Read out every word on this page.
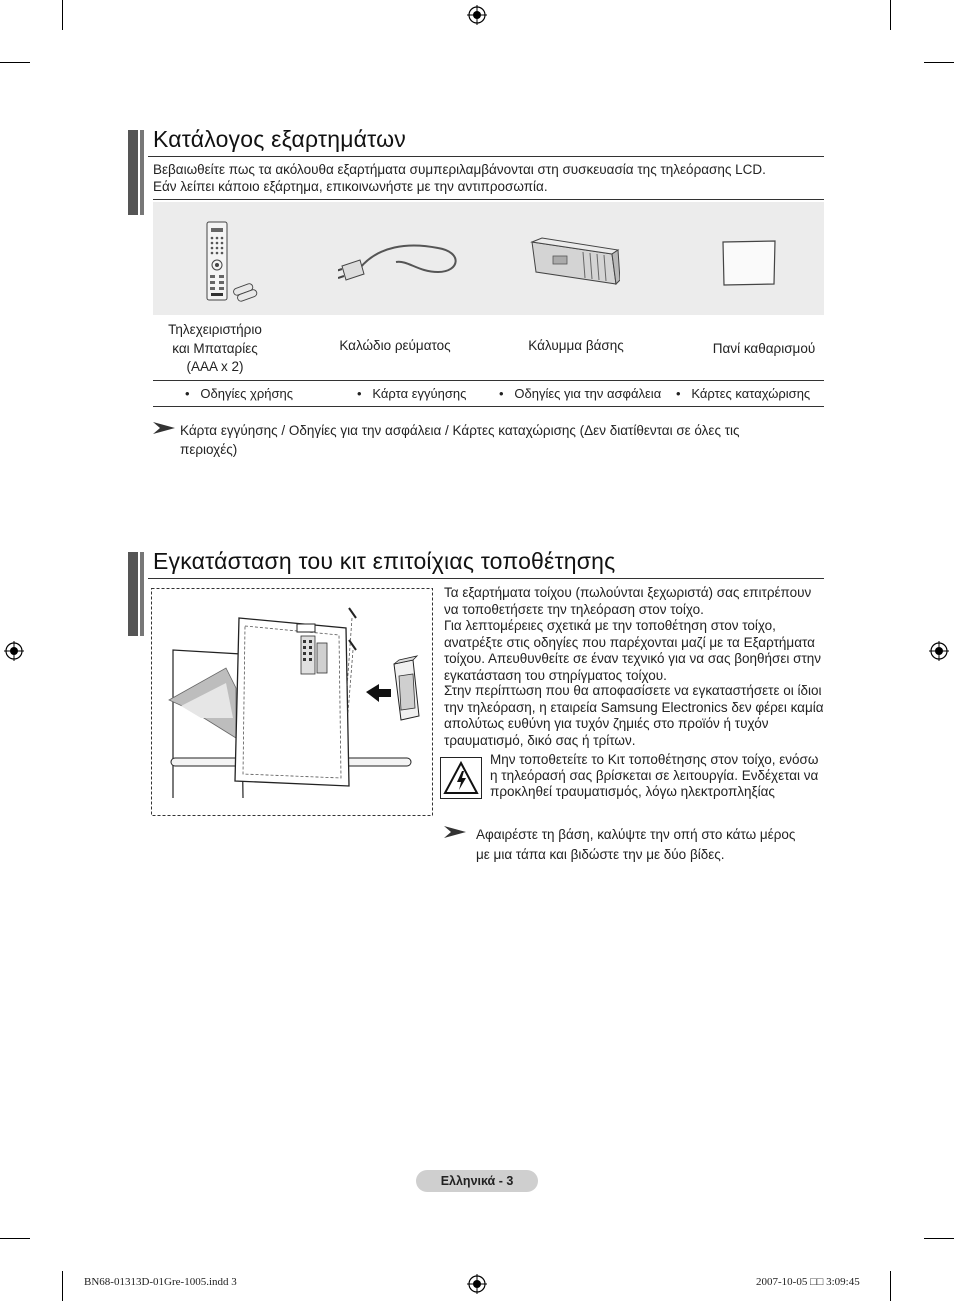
Κατάλογος εξαρτημάτων
Βεβαιωθείτε πως τα ακόλουθα εξαρτήματα συμπεριλαμβάνονται στη συσκευασία της τηλεόρασης LCD.
Εάν λείπει κάποιο εξάρτημα, επικοινωνήστε με την αντιπροσωπία.
Τηλεχειριστήριο
και Μπαταρίες
(AAA x 2)
Καλώδιο ρεύματος	Κάλυμμα βάσης	Πανί καθαρισμού
•   Οδηγίες χρήσης	•   Κάρτα εγγύησης	•   Οδηγίες για την ασφάλεια •   Κάρτες καταχώρισης
Κάρτα εγγύησης / Οδηγίες για την ασφάλεια / Κάρτες καταχώρισης (Δεν διατίθενται σε όλες τις
περιοχές)
Εγκατάσταση του κιτ επιτοίχιας τοποθέτησης
Τα εξαρτήματα τοίχου (πωλούνται ξεχωριστά) σας επιτρέπουν να τοποθετήσετε την τηλεόραση στον τοίχο.
Για λεπτομέρειες σχετικά με την τοποθέτηση στον τοίχο, ανατρέξτε στις οδηγίες που παρέχονται μαζί με τα Εξαρτήματα τοίχου. Απευθυνθείτε σε έναν τεχνικό για να σας βοηθήσει στην εγκατάσταση του στηρίγματος τοίχου.
Στην περίπτωση που θα αποφασίσετε να εγκαταστήσετε οι ίδιοι την τηλεόραση, η εταιρεία Samsung Electronics δεν φέρει καμία απολύτως ευθύνη για τυχόν ζημιές στο προϊόν ή τυχόν τραυματισμό, δικό σας ή τρίτων.
Μην τοποθετείτε το Κιτ τοποθέτησης στον τοίχο, ενόσω η τηλεόρασή σας βρίσκεται σε λειτουργία. Ενδέχεται να προκληθεί τραυματισμός, λόγω ηλεκτροπληξίας
Αφαιρέστε τη βάση, καλύψτε την οπή στο κάτω μέρος
με μια τάπα και βιδώστε την με δύο βίδες.
Ελληνικά - 3
BN68-01313D-01Gre-1005.indd 3	2007-10-05 □□ 3:09:45
